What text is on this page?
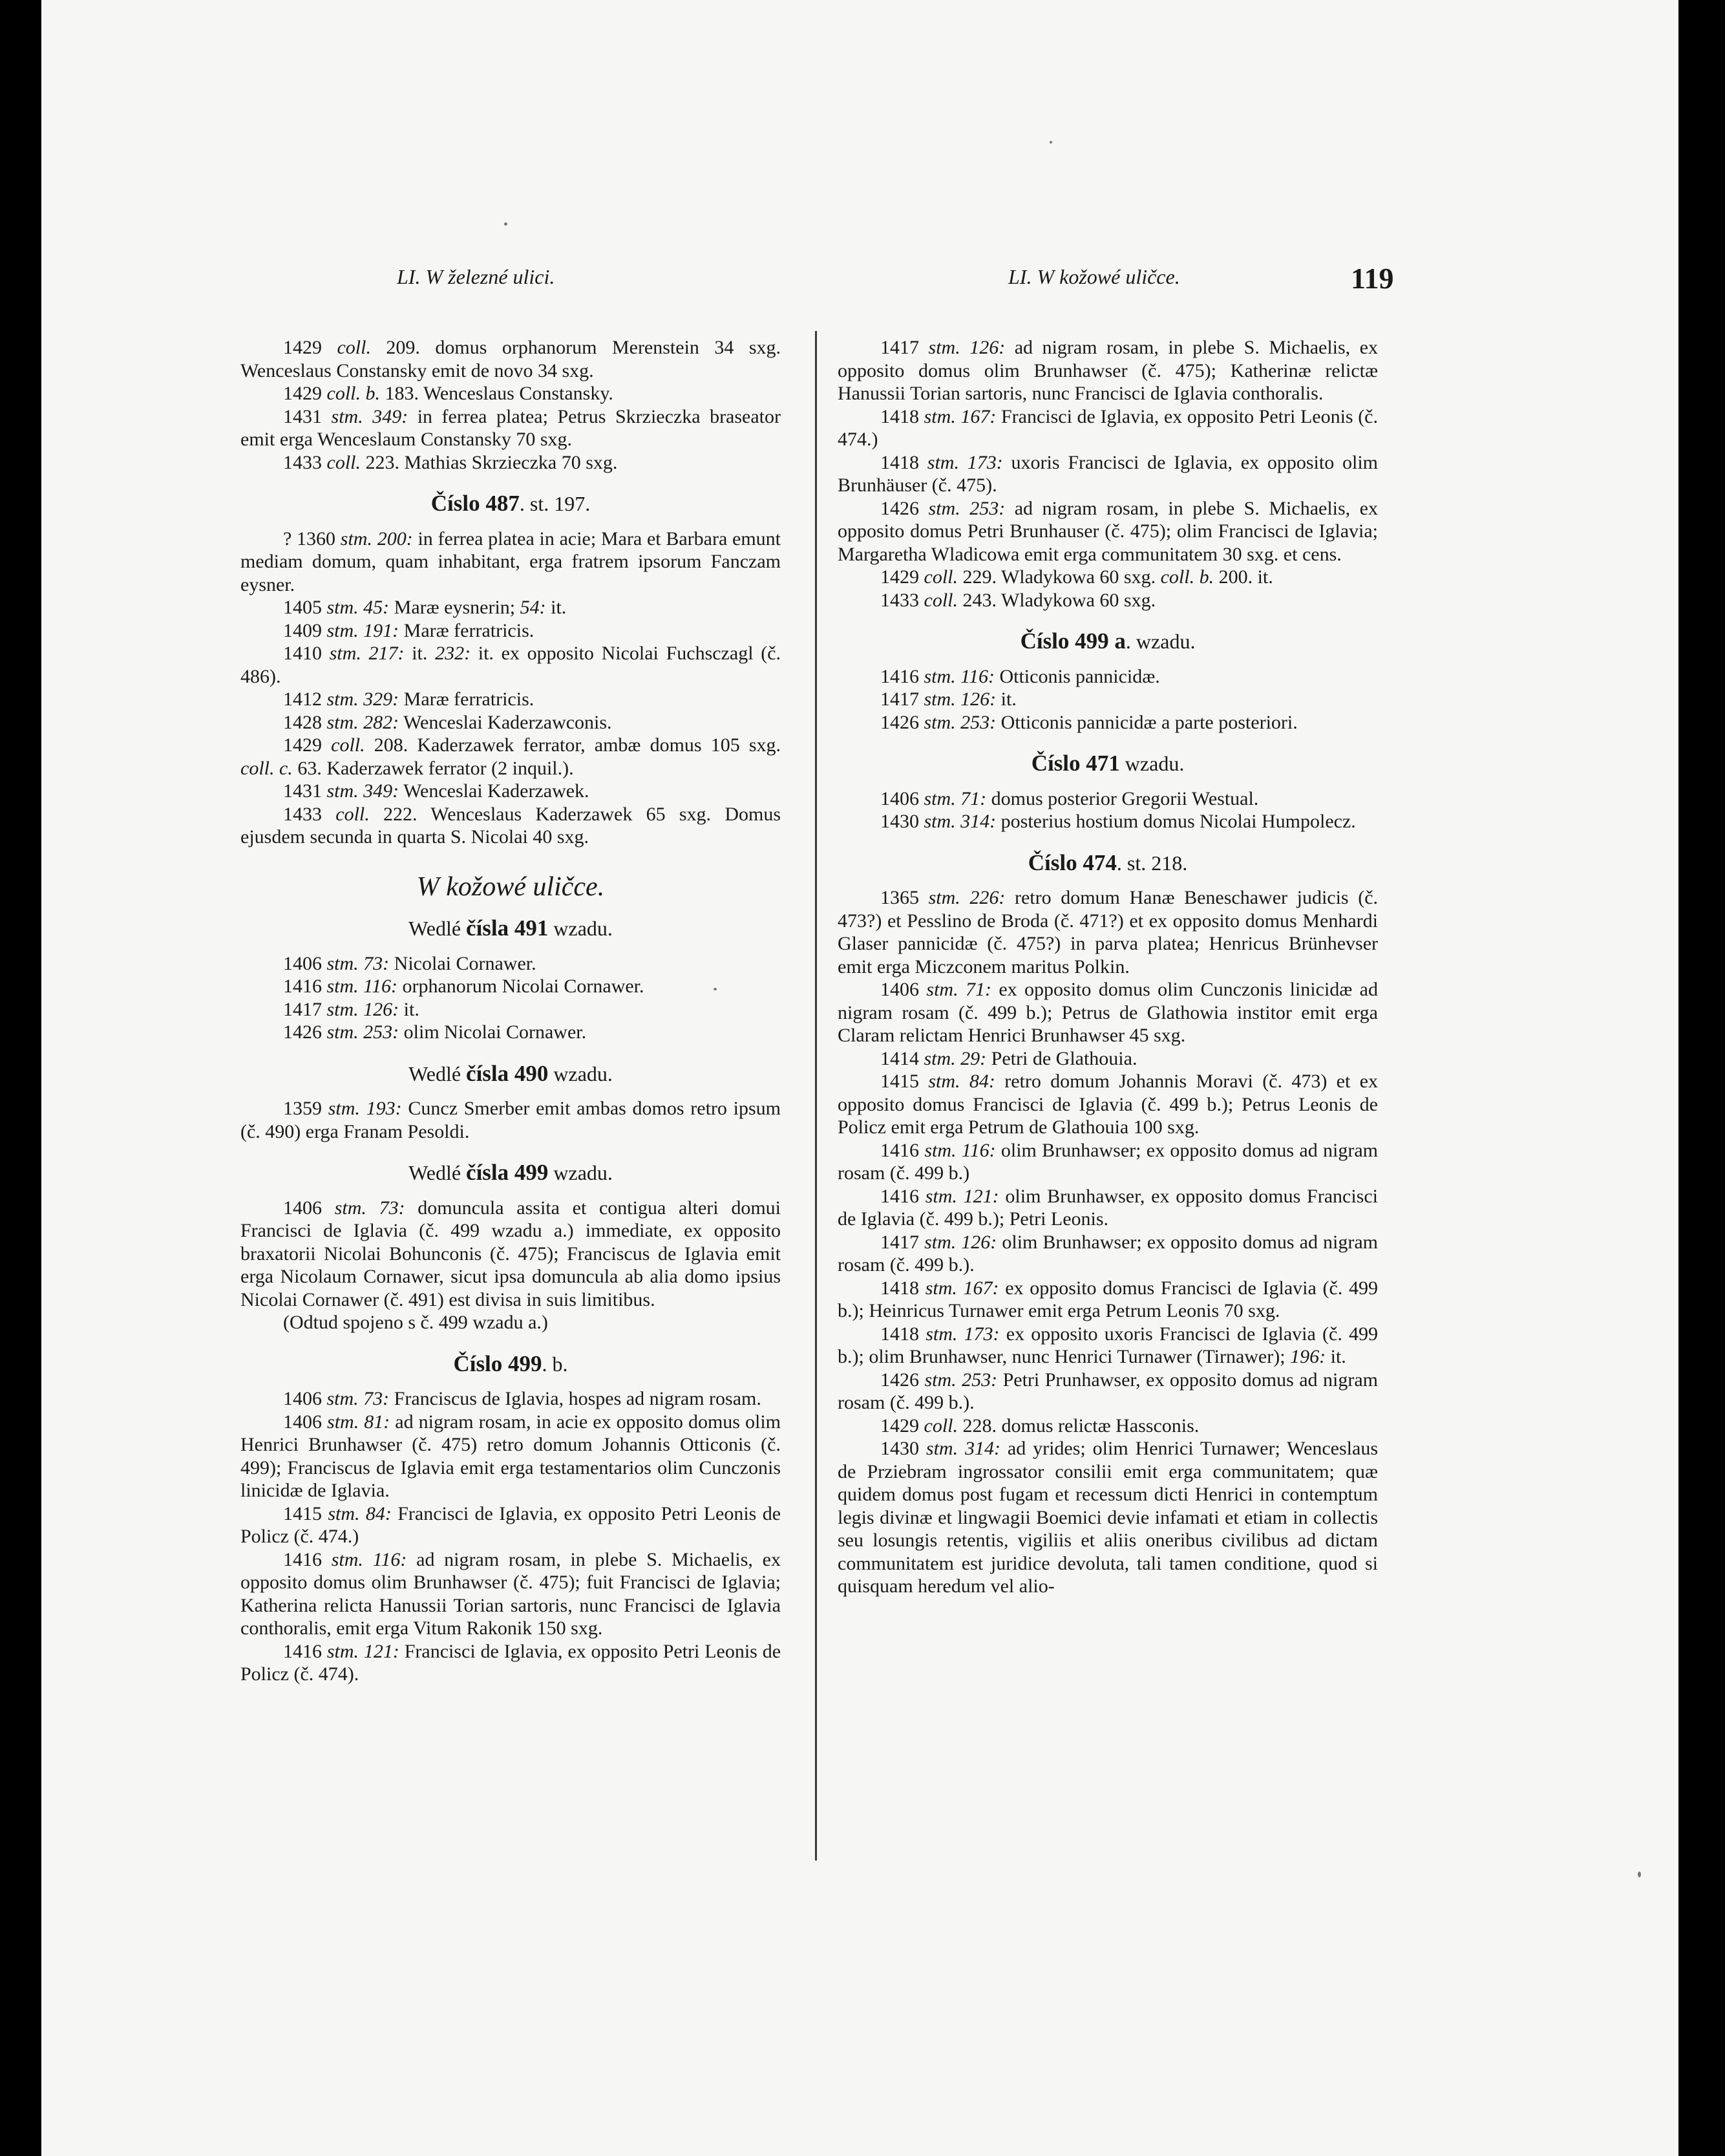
LI. W železné ulici.	LI. W kožowé uličce.	119

1429 coll. 209. domus orphanorum Merenstein 34 sxg. Wenceslaus Constansky emit de novo 34 sxg.

1429 coll. b. 183. Wenceslaus Constansky.

1431 stm. 349: in ferrea platea; Petrus Skrzieczka braseator emit erga Wenceslaum Constansky 70 sxg.

1433 coll. 223. Mathias Skrzieczka 70 sxg.

Číslo 487. st. 197.

? 1360 stm. 200: in ferrea platea in acie; Mara et Barbara emunt mediam domum, quam inhabitant, erga fratrem ipsorum Fanczam eysner.

1405 stm. 45: Maræ eysnerin; 54: it.

1409 stm. 191: Maræ ferratricis.

1410 stm. 217: it. 232: it. ex opposito Nicolai Fuchsczagl (č. 486).

1412 stm. 329: Maræ ferratricis.

1428 stm. 282: Wenceslai Kaderzawconis.

1429 coll. 208. Kaderzawek ferrator, ambæ domus 105 sxg. coll. c. 63. Kaderzawek ferrator (2 inquil.).

1431 stm. 349: Wenceslai Kaderzawek.

1433 coll. 222. Wenceslaus Kaderzawek 65 sxg. Domus ejusdem secunda in quarta S. Nicolai 40 sxg.

W kožowé uličce.
Wedlé čísla 491 wzadu.

1406 stm. 73: Nicolai Cornawer.

1416 stm. 116: orphanorum Nicolai Cornawer.

1417 stm. 126: it.

1426 stm. 253: olim Nicolai Cornawer.

Wedlé čísla 490 wzadu.

1359 stm. 193: Cuncz Smerber emit ambas domos retro ipsum (č. 490) erga Franam Pesoldi.

Wedlé čísla 499 wzadu.

1406 stm. 73: domuncula assita et contigua alteri domui Francisci de Iglavia (č. 499 wzadu a.) immediate, ex opposito braxatorii Nicolai Bohunconis (č. 475); Franciscus de Iglavia emit erga Nicolaum Cornawer, sicut ipsa domuncula ab alia domo ipsius Nicolai Cornawer (č. 491) est divisa in suis limitibus.

(Odtud spojeno s č. 499 wzadu a.)

Číslo 499. b.

1406 stm. 73: Franciscus de Iglavia, hospes ad nigram rosam.

1406 stm. 81: ad nigram rosam, in acie ex opposito domus olim Henrici Brunhawser (č. 475) retro domum Johannis Otticonis (č. 499); Franciscus de Iglavia emit erga testamentarios olim Cunczonis linicidæ de Iglavia.

1415 stm. 84: Francisci de Iglavia, ex opposito Petri Leonis de Policz (č. 474.)

1416 stm. 116: ad nigram rosam, in plebe S. Michaelis, ex opposito domus olim Brunhawser (č. 475); fuit Francisci de Iglavia; Katherina relicta Hanussii Torian sartoris, nunc Francisci de Iglavia conthoralis, emit erga Vitum Rakonik 150 sxg.

1416 stm. 121: Francisci de Iglavia, ex opposito Petri Leonis de Policz (č. 474).

1417 stm. 126: ad nigram rosam, in plebe S. Michaelis, ex opposito domus olim Brunhawser (č. 475); Katherinæ relictæ Hanussii Torian sartoris, nunc Francisci de Iglavia conthoralis.

1418 stm. 167: Francisci de Iglavia, ex opposito Petri Leonis (č. 474.)

1418 stm. 173: uxoris Francisci de Iglavia, ex opposito olim Brunhäuser (č. 475).

1426 stm. 253: ad nigram rosam, in plebe S. Michaelis, ex opposito domus Petri Brunhauser (č. 475); olim Francisci de Iglavia; Margaretha Wladicowa emit erga communitatem 30 sxg. et cens.

1429 coll. 229. Wladykowa 60 sxg. coll. b. 200. it.

1433 coll. 243. Wladykowa 60 sxg.

Číslo 499 a. wzadu.

1416 stm. 116: Otticonis pannicidæ.

1417 stm. 126: it.

1426 stm. 253: Otticonis pannicidæ a parte posteriori.

Číslo 471 wzadu.

1406 stm. 71: domus posterior Gregorii Westual.

1430 stm. 314: posterius hostium domus Nicolai Humpolecz.

Číslo 474. st. 218.

1365 stm. 226: retro domum Hanæ Beneschawer judicis (č. 473?) et Pesslino de Broda (č. 471?) et ex opposito domus Menhardi Glaser pannicidæ (č. 475?) in parva platea; Henricus Brünhevser emit erga Miczconem maritus Polkin.

1406 stm. 71: ex opposito domus olim Cunczonis linicidæ ad nigram rosam (č. 499 b.); Petrus de Glathowia institor emit erga Claram relictam Henrici Brunhawser 45 sxg.

1414 stm. 29: Petri de Glathouia.

1415 stm. 84: retro domum Johannis Moravi (č. 473) et ex opposito domus Francisci de Iglavia (č. 499 b.); Petrus Leonis de Policz emit erga Petrum de Glathouia 100 sxg.

1416 stm. 116: olim Brunhawser; ex opposito domus ad nigram rosam (č. 499 b.)

1416 stm. 121: olim Brunhawser, ex opposito domus Francisci de Iglavia (č. 499 b.); Petri Leonis.

1417 stm. 126: olim Brunhawser; ex opposito domus ad nigram rosam (č. 499 b.).

1418 stm. 167: ex opposito domus Francisci de Iglavia (č. 499 b.); Heinricus Turnawer emit erga Petrum Leonis 70 sxg.

1418 stm. 173: ex opposito uxoris Francisci de Iglavia (č. 499 b.); olim Brunhawser, nunc Henrici Turnawer (Tirnawer); 196: it.

1426 stm. 253: Petri Prunhawser, ex opposito domus ad nigram rosam (č. 499 b.).

1429 coll. 228. domus relictæ Hassconis.

1430 stm. 314: ad yrides; olim Henrici Turnawer; Wenceslaus de Prziebram ingrossator consilii emit erga communitatem; quæ quidem domus post fugam et recessum dicti Henrici in contemptum legis divinæ et lingwagii Boemici devie infamati et etiam in collectis seu losungis retentis, vigiliis et aliis oneribus civilibus ad dictam communitatem est juridice devoluta, tali tamen conditione, quod si quisquam heredum vel alio-
